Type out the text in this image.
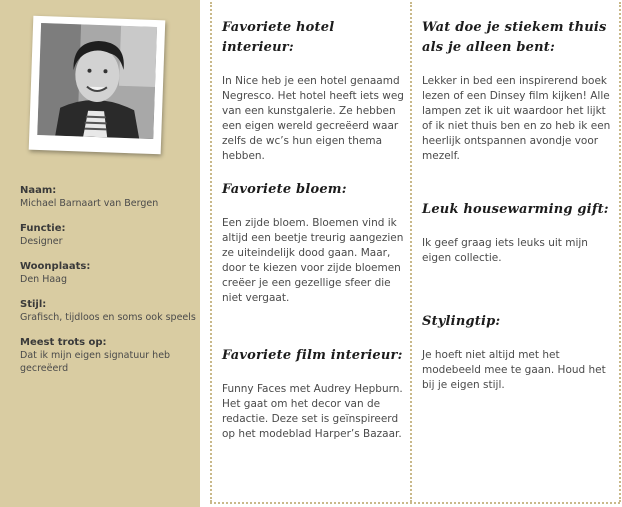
Naam:
Michael Barnaart van Bergen
Functie:
Designer
Woonplaats:
Den Haag
Stijl:
Grafisch, tijdloos en soms ook speels
Meest trots op:
Dat ik mijn eigen signatuur heb gecreëerd
Favoriete hotel interieur:

In Nice heb je een hotel genaamd Negresco. Het hotel heeft iets weg van een kunstgalerie. Ze hebben een eigen wereld gecreëerd waar zelfs de wc’s hun eigen thema hebben.

Favoriete bloem:

Een zijde bloem. Bloemen vind ik altijd een beetje treurig aangezien ze uiteindelijk dood gaan. Maar, door te kiezen voor zijde bloemen creëer je een gezellige sfeer die niet vergaat.

Favoriete film interieur:

Funny Faces met Audrey Hepburn. Het gaat om het decor van de redactie. Deze set is geïnspireerd op het modeblad Harper’s Bazaar.

Wat doe je stiekem thuis als je alleen bent:

Lekker in bed een inspirerend boek lezen of een Dinsey film kijken! Alle lampen zet ik uit waardoor het lijkt of ik niet thuis ben en zo heb ik een heerlijk ontspannen avondje voor mezelf.

Leuk housewarming gift:

Ik geef graag iets leuks uit mijn eigen collectie.

Stylingtip:

Je hoeft niet altijd met het modebeeld mee te gaan. Houd het bij je eigen stijl.
